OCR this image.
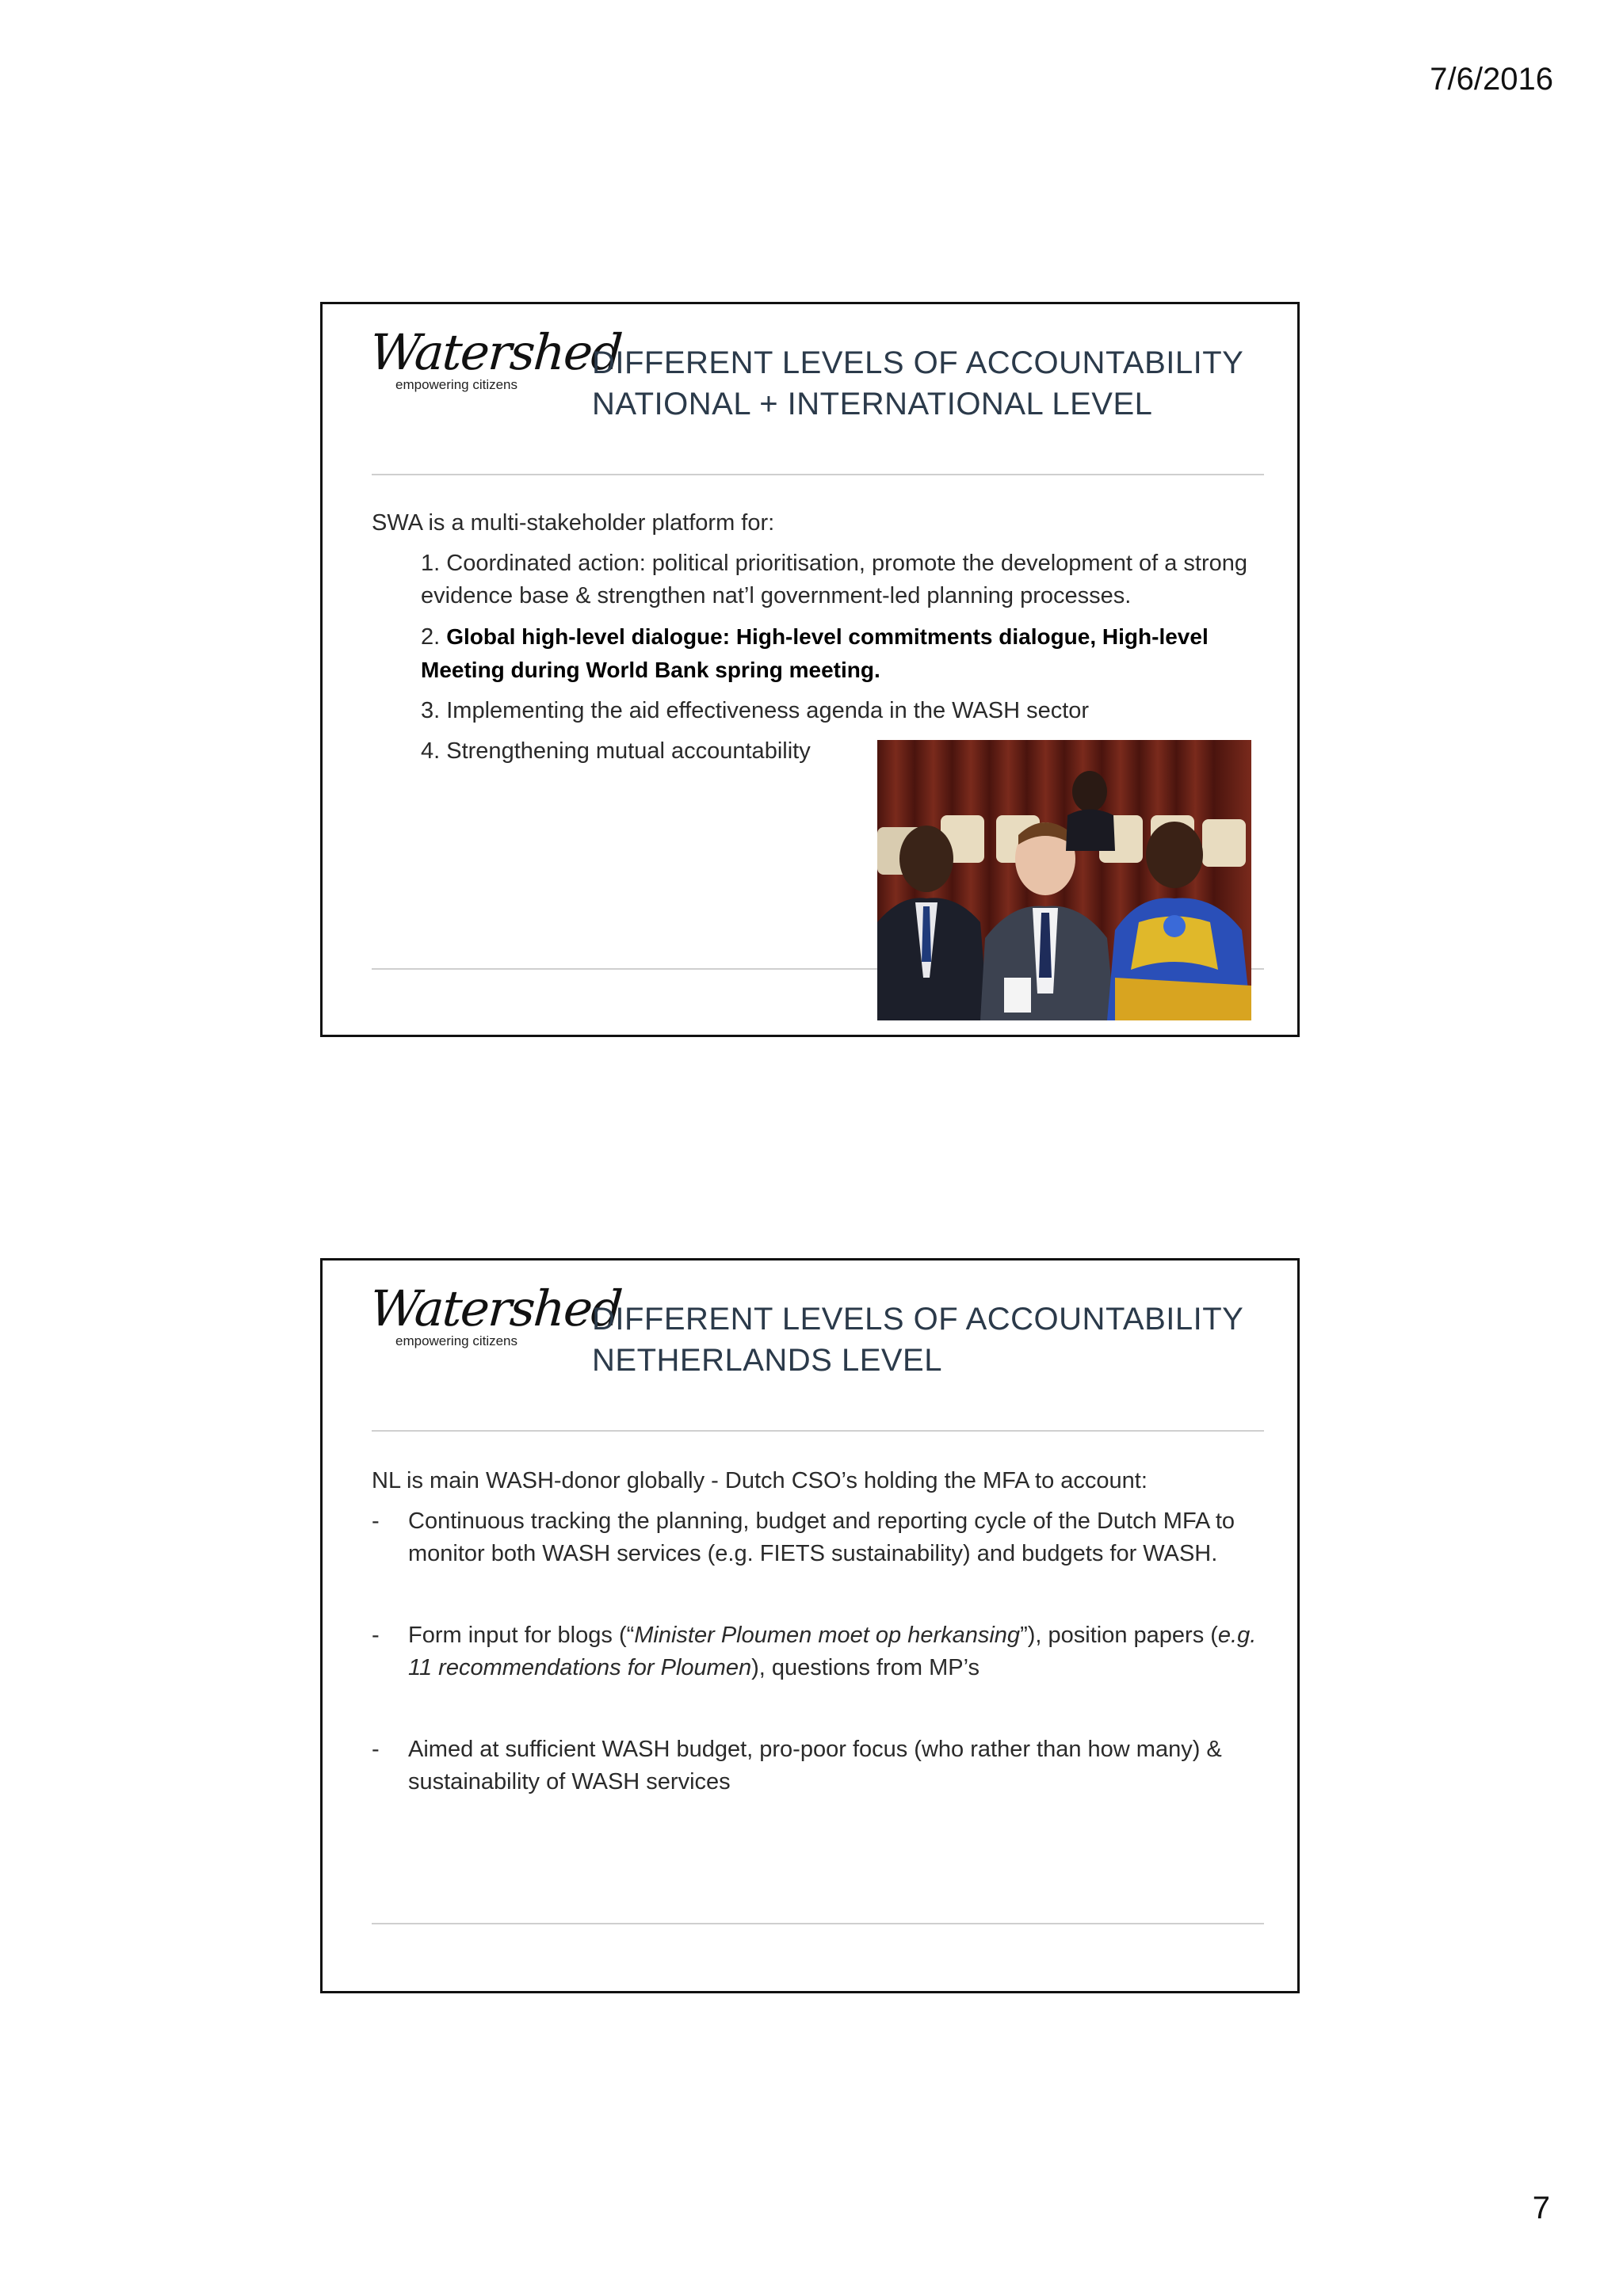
7/6/2016
Watershed
empowering citizens
DIFFERENT LEVELS OF ACCOUNTABILITY
NATIONAL + INTERNATIONAL LEVEL

SWA is a multi-stakeholder platform for:

1. Coordinated action: political prioritisation, promote the development of a strong evidence base & strengthen nat’l government-led planning processes.
2. Global high-level dialogue: High-level commitments dialogue, High-level Meeting during World Bank spring meeting.
3. Implementing the aid effectiveness agenda in the WASH sector
4. Strengthening mutual accountability
Watershed
empowering citizens
DIFFERENT LEVELS OF ACCOUNTABILITY
NETHERLANDS LEVEL

NL is main WASH-donor globally - Dutch CSO’s holding the MFA to account:

- Continuous tracking the planning, budget and reporting cycle of the Dutch MFA to monitor both WASH services (e.g. FIETS sustainability) and budgets for WASH.
- Form input for blogs (“Minister Ploumen moet op herkansing”), position papers (e.g. 11 recommendations for Ploumen), questions from MP’s
- Aimed at sufficient WASH budget, pro-poor focus (who rather than how many) & sustainability of WASH services
7
